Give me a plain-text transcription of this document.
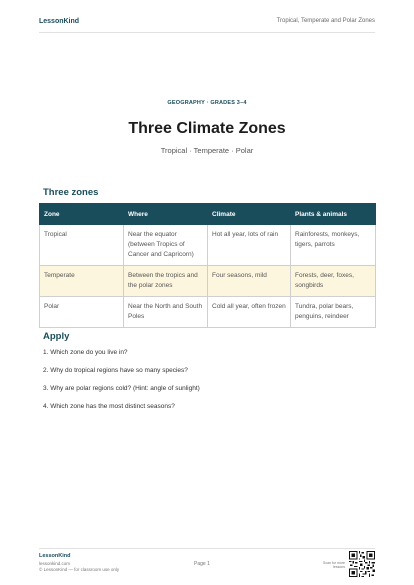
LessonKind	Tropical, Temperate and Polar Zones
GEOGRAPHY · GRADES 3–4
Three Climate Zones
Tropical · Temperate · Polar
Three zones
Zone	Where	Climate	Plants & animals
Tropical	Near the equator (between Tropics of Cancer and Capricorn)	Hot all year, lots of rain	Rainforests, monkeys, tigers, parrots
Temperate	Between the tropics and the polar zones	Four seasons, mild	Forests, deer, foxes, songbirds
Polar	Near the North and South Poles	Cold all year, often frozen	Tundra, polar bears, penguins, reindeer
Apply
1. Which zone do you live in?
2. Why do tropical regions have so many species?
3. Why are polar regions cold? (Hint: angle of sunlight)
4. Which zone has the most distinct seasons?
LessonKind
lessonkind.com
© LessonKind — for classroom use only
Page 1	Scan for more lessons
